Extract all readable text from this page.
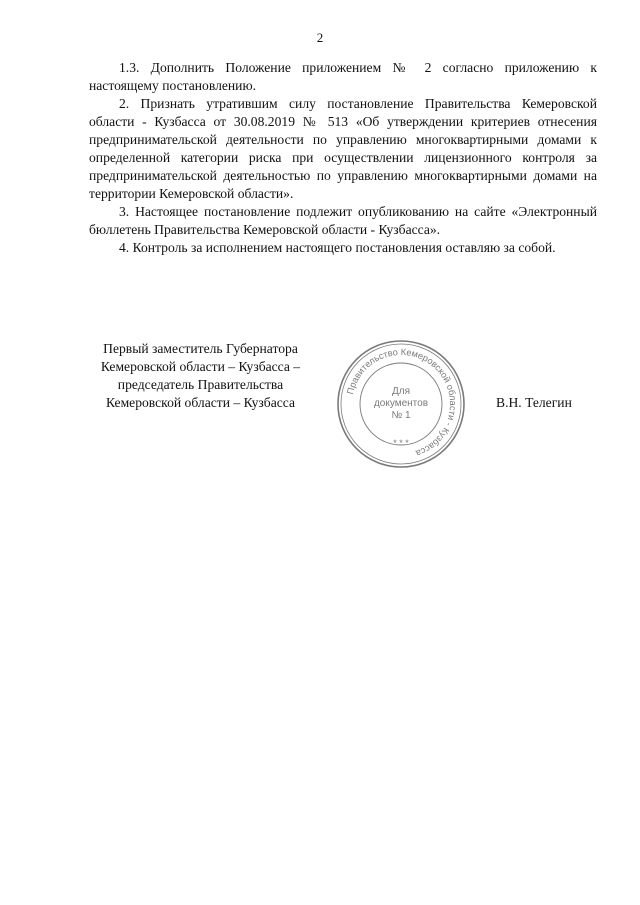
2

1.3. Дополнить Положение приложением № 2 согласно приложению к настоящему постановлению.

2. Признать утратившим силу постановление Правительства Кемеровской области - Кузбасса от 30.08.2019 № 513 «Об утверждении критериев отнесения предпринимательской деятельности по управлению многоквартирными домами к определенной категории риска при осуществлении лицензионного контроля за предпринимательской деятельностью по управлению многоквартирными домами на территории Кемеровской области».

3. Настоящее постановление подлежит опубликованию на сайте «Электронный бюллетень Правительства Кемеровской области - Кузбасса».

4. Контроль за исполнением настоящего постановления оставляю за собой.

Первый заместитель Губернатора
Кемеровской области – Кузбасса –
председатель Правительства
Кемеровской области – Кузбасса
Правительство Кемеровской области - Кузбасса
Для
документов
№ 1
* * *
В.Н. Телегин
